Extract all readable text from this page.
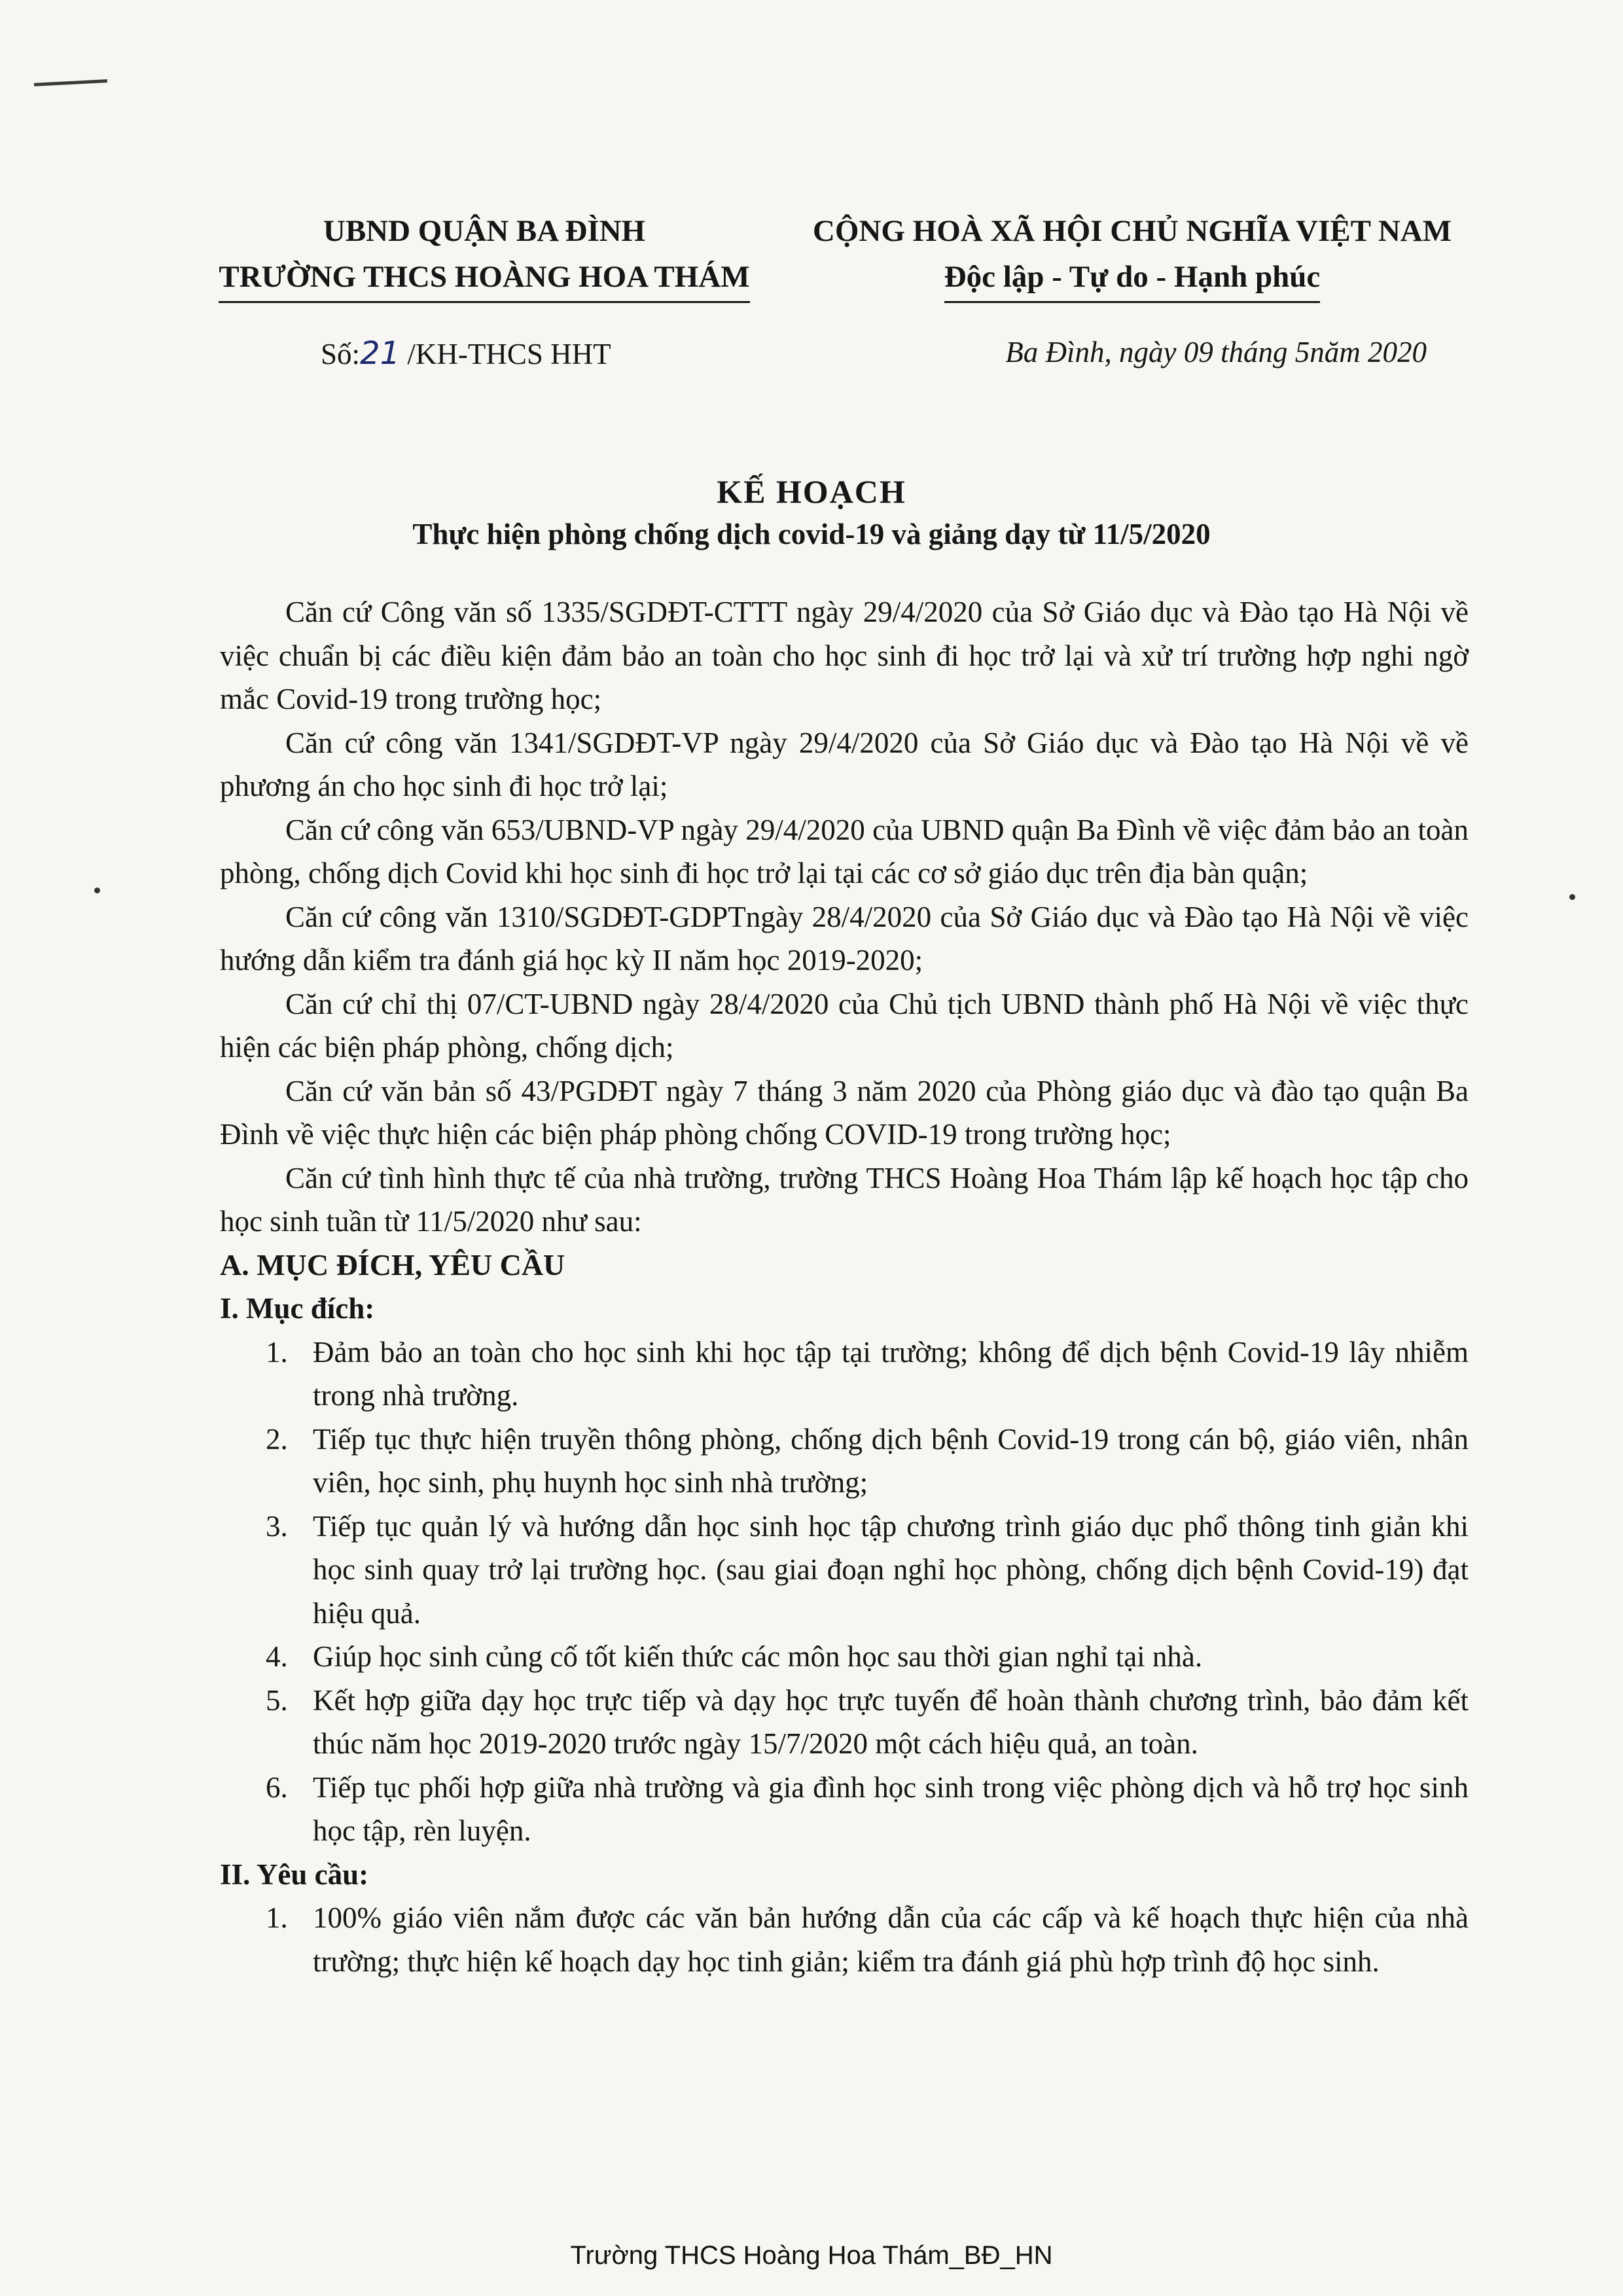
UBND QUẬN BA ĐÌNH
TRƯỜNG THCS HOÀNG HOA THÁM
CỘNG HOÀ XÃ HỘI CHỦ NGHĨA VIỆT NAM
Độc lập - Tự do - Hạnh phúc
Số:21 /KH-THCS HHT	Ba Đình, ngày 09 tháng 5năm 2020
KẾ HOẠCH
Thực hiện phòng chống dịch covid-19 và giảng dạy từ 11/5/2020

Căn cứ Công văn số 1335/SGDĐT-CTTT ngày 29/4/2020 của Sở Giáo dục và Đào tạo Hà Nội về việc chuẩn bị các điều kiện đảm bảo an toàn cho học sinh đi học trở lại và xử trí trường hợp nghi ngờ mắc Covid-19 trong trường học;

Căn cứ công văn 1341/SGDĐT-VP ngày 29/4/2020 của Sở Giáo dục và Đào tạo Hà Nội về về phương án cho học sinh đi học trở lại;

Căn cứ công văn 653/UBND-VP ngày 29/4/2020 của UBND quận Ba Đình về việc đảm bảo an toàn phòng, chống dịch Covid khi học sinh đi học trở lại tại các cơ sở giáo dục trên địa bàn quận;

Căn cứ công văn 1310/SGDĐT-GDPTngày 28/4/2020 của Sở Giáo dục và Đào tạo Hà Nội về việc hướng dẫn kiểm tra đánh giá học kỳ II năm học 2019-2020;

Căn cứ chỉ thị 07/CT-UBND ngày 28/4/2020 của Chủ tịch UBND thành phố Hà Nội về việc thực hiện các biện pháp phòng, chống dịch;

Căn cứ văn bản số 43/PGDĐT ngày 7 tháng 3 năm 2020 của Phòng giáo dục và đào tạo quận Ba Đình về việc thực hiện các biện pháp phòng chống COVID-19 trong trường học;

Căn cứ tình hình thực tế của nhà trường, trường THCS Hoàng Hoa Thám lập kế hoạch học tập cho học sinh tuần từ 11/5/2020 như sau:

A. MỤC ĐÍCH, YÊU CẦU
I. Mục đích:
1. Đảm bảo an toàn cho học sinh khi học tập tại trường; không để dịch bệnh Covid-19 lây nhiễm trong nhà trường.
2. Tiếp tục thực hiện truyền thông phòng, chống dịch bệnh Covid-19 trong cán bộ, giáo viên, nhân viên, học sinh, phụ huynh học sinh nhà trường;
3. Tiếp tục quản lý và hướng dẫn học sinh học tập chương trình giáo dục phổ thông tinh giản khi học sinh quay trở lại trường học. (sau giai đoạn nghỉ học phòng, chống dịch bệnh Covid-19) đạt hiệu quả.
4. Giúp học sinh củng cố tốt kiến thức các môn học sau thời gian nghỉ tại nhà.
5. Kết hợp giữa dạy học trực tiếp và dạy học trực tuyến để hoàn thành chương trình, bảo đảm kết thúc năm học 2019-2020 trước ngày 15/7/2020 một cách hiệu quả, an toàn.
6. Tiếp tục phối hợp giữa nhà trường và gia đình học sinh trong việc phòng dịch và hỗ trợ học sinh học tập, rèn luyện.
II. Yêu cầu:
1. 100% giáo viên nắm được các văn bản hướng dẫn của các cấp và kế hoạch thực hiện của nhà trường; thực hiện kế hoạch dạy học tinh giản; kiểm tra đánh giá phù hợp trình độ học sinh.
Trường THCS Hoàng Hoa Thám_BĐ_HN
